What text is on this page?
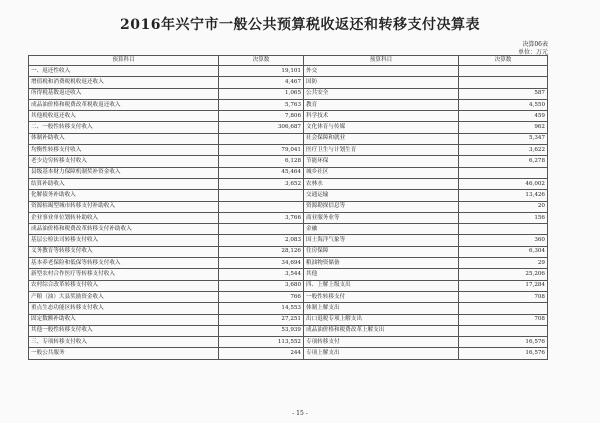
2016年兴宁市一般公共预算税收返还和转移支付决算表
决算06表
单位：万元
预算科目	决算数	预算科目	决算数
一、返还性收入	19,101	外交	
增值税和消费税税收返还收入	4,467	国防	
所得税基数返还收入	1,065	公共安全	587
成品油价格和税费改革税收返还收入	5,763	教育	4,550
其他税收返还收入	7,806	科学技术	459
二、一般性转移支付收入	306,687	文化体育与传媒	962
体制补助收入		社会保障和就业	5,347
均衡性转移支付收入	79,041	医疗卫生与计划生育	3,622
老少边穷转移支付收入	6,128	节能环保	6,278
县级基本财力保障机制奖补资金收入	45,464	城乡社区	
结算补助收入	3,652	农林水	46,002
化解债务补助收入		交通运输	13,426
资源枯竭型城市转移支付补助收入		资源勘探信息等	20
企业事业单位划转补助收入	3,766	商业服务业等	156
成品油价格和税费改革转移支付补助收入		金融	
基层公检法司转移支付收入	2,083	国土海洋气象等	360
义务教育等转移支付收入	28,126	住房保障	6,304
基本养老保险和低保等转移支付收入	34,694	粮油物资储备	29
新型农村合作医疗等转移支付收入	3,544	其他	25,206
农村综合改革转移支付收入	3,680	四、上解上级支出	17,284
产粮（油）大县奖励资金收入	766	一般性转移支付	708
重点生态功能区转移支付收入	14,553	体制上解支出	
固定数额补助收入	27,251	出口退税专项上解支出	708
其他一般性转移支付收入	53,939	成品油价格和税费改革上解支出	
三、专项转移支付收入	113,552	专项转移支付	16,576
一般公共服务	244	专项上解支出	16,576
- 15 -
